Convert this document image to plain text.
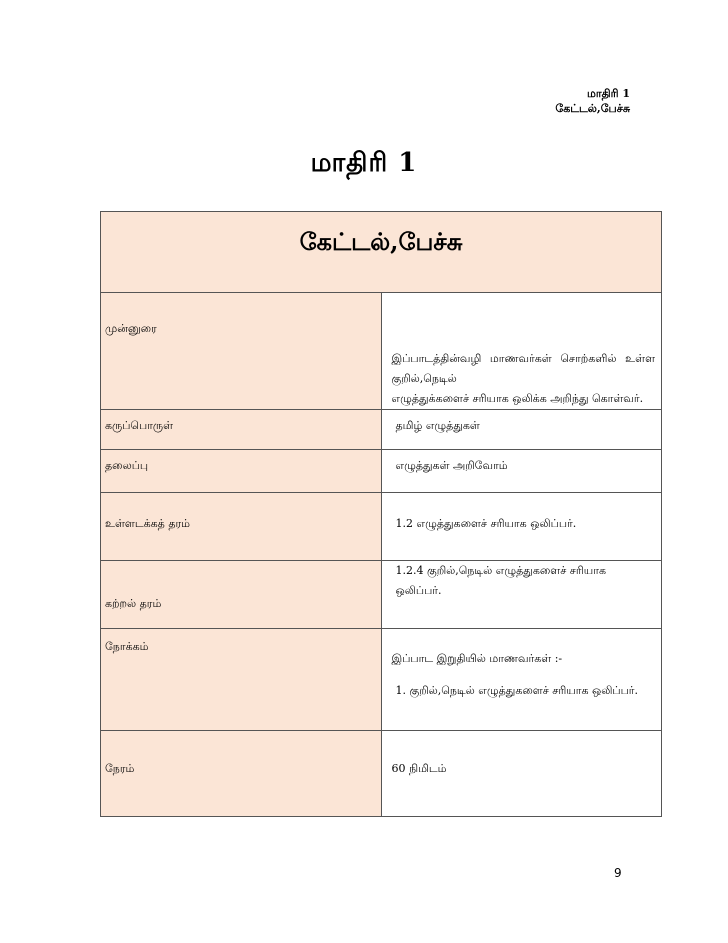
மாதிரி 1
கேட்டல்,பேச்சு
மாதிரி 1
கேட்டல்,பேச்சு	

முன்னுரை	இப்பாடத்தின்வழி மாணவர்கள் சொற்களில் உள்ள குறில்,நெடில்
எழுத்துக்களைச் சரியாக ஒலிக்க அறிந்து கொள்வர்.

கருப்பொருள்	தமிழ் எழுத்துகள்

தலைப்பு	எழுத்துகள் அறிவோம்

உள்ளடக்கத் தரம்	1.2 எழுத்துகளைச் சரியாக ஒலிப்பர்.

கற்றல் தரம்	1.2.4 குறில்,நெடில் எழுத்துகளைச் சரியாக ஒலிப்பர்.

நோக்கம்	இப்பாட இறுதியில் மாணவர்கள் :-
1. குறில்,நெடில் எழுத்துகளைச் சரியாக ஒலிப்பர்.

நேரம்	60 நிமிடம்
9
